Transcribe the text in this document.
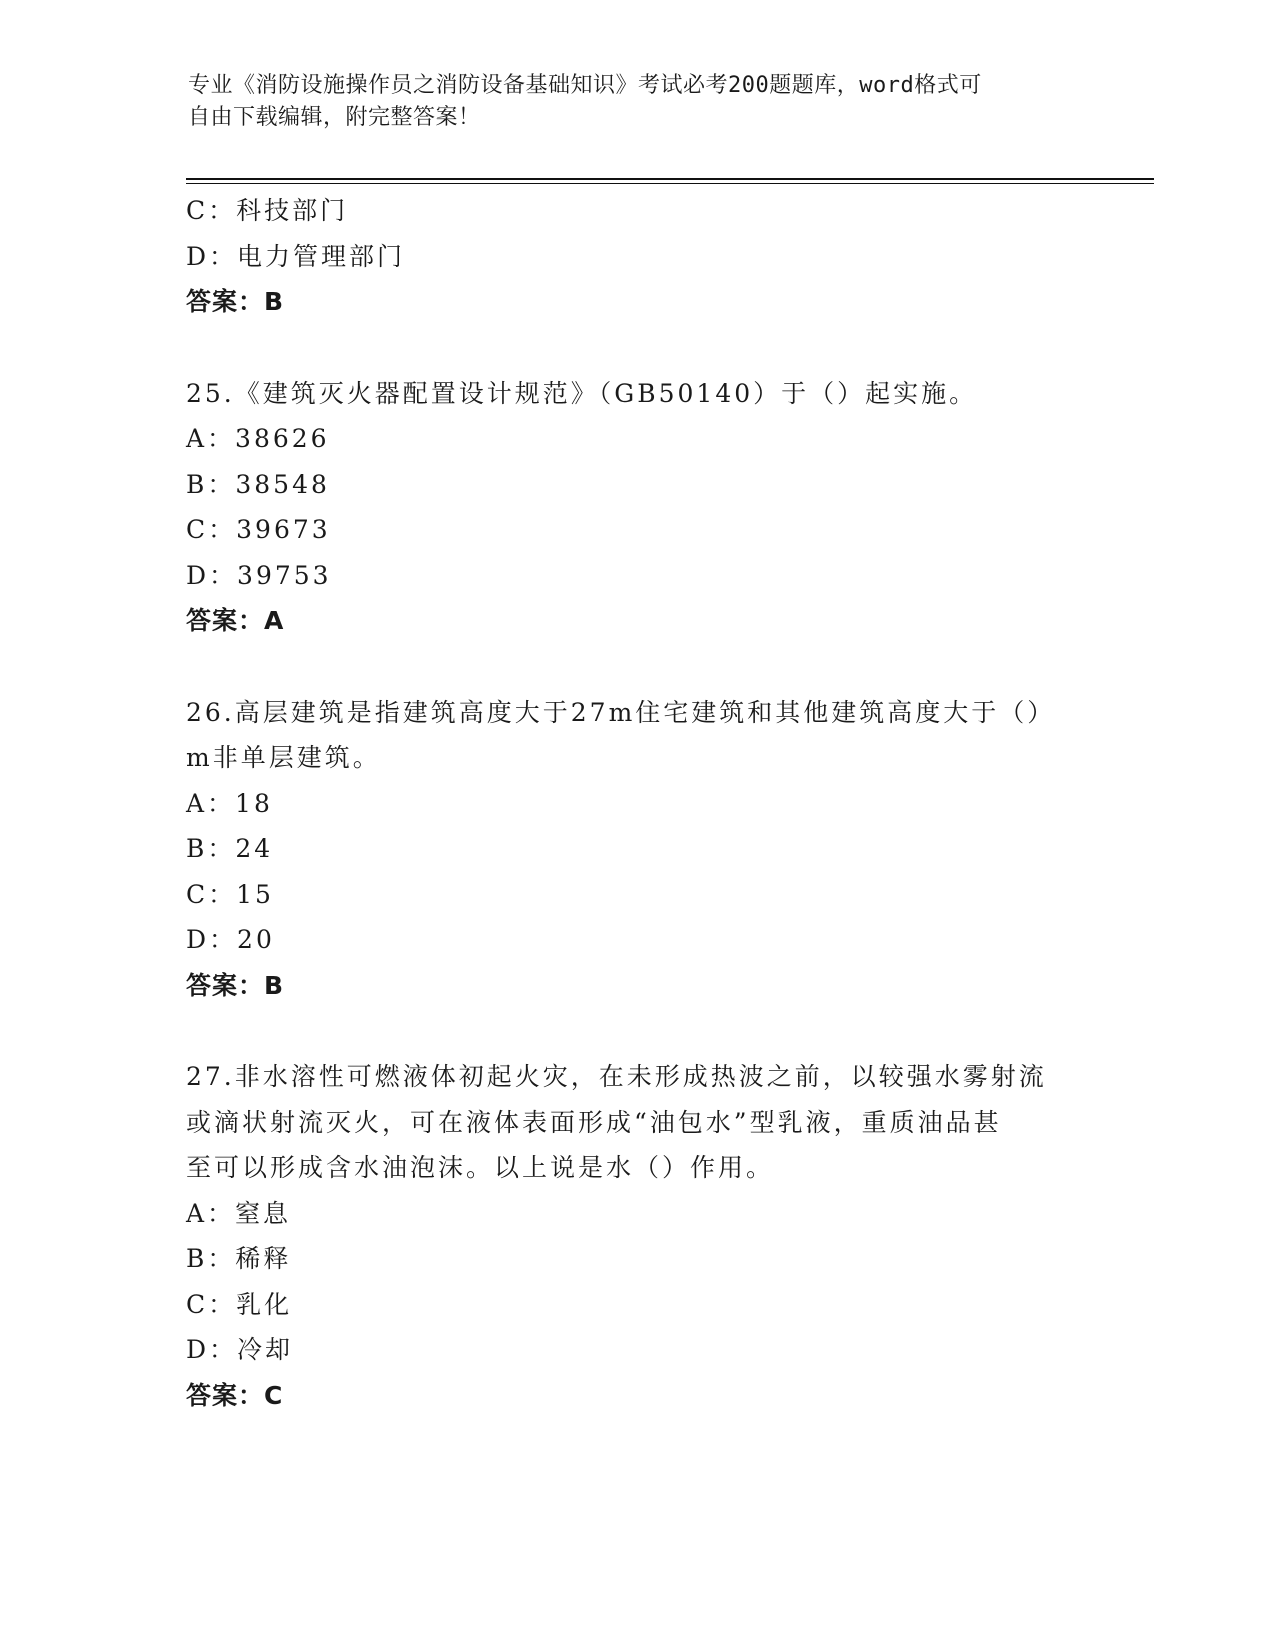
专业《消防设施操作员之消防设备基础知识》考试必考200题题库，word格式可
自由下载编辑，附完整答案！
C：科技部门
D：电力管理部门
答案：B
25.《建筑灭火器配置设计规范》（GB50140）于（）起实施。
A：38626
B：38548
C：39673
D：39753
答案：A
26.高层建筑是指建筑高度大于27m住宅建筑和其他建筑高度大于（）
m非单层建筑。
A：18
B：24
C：15
D：20
答案：B
27.非水溶性可燃液体初起火灾，在未形成热波之前，以较强水雾射流
或滴状射流灭火，可在液体表面形成“油包水”型乳液，重质油品甚
至可以形成含水油泡沫。以上说是水（）作用。
A：窒息
B：稀释
C：乳化
D：冷却
答案：C
